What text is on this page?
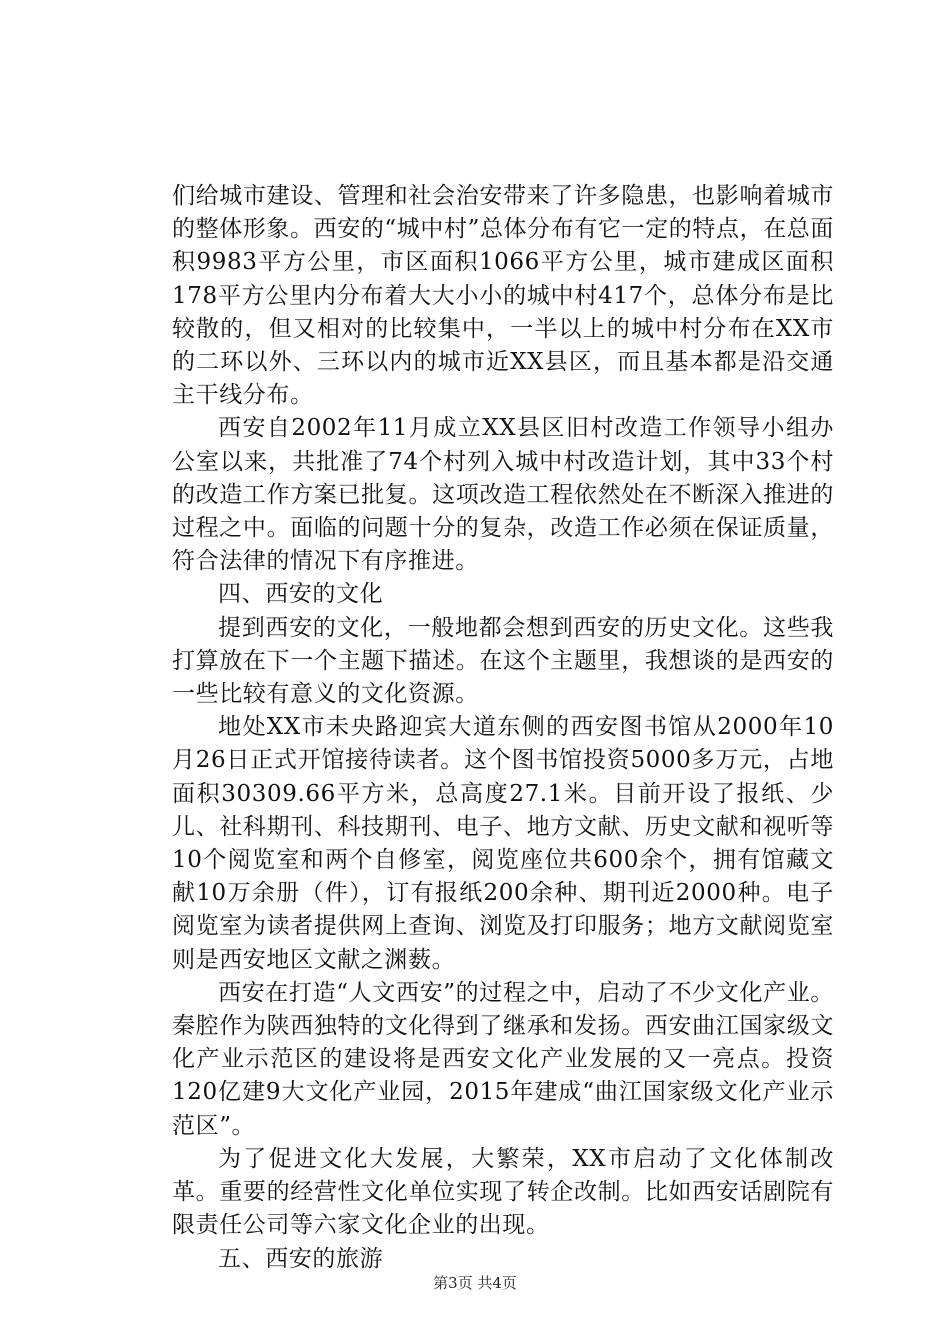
们给城市建设、管理和社会治安带来了许多隐患，也影响着城市的整体形象。西安的“城中村”总体分布有它一定的特点，在总面积9983平方公里，市区面积1066平方公里，城市建成区面积178平方公里内分布着大大小小的城中村417个，总体分布是比较散的，但又相对的比较集中，一半以上的城中村分布在XX市的二环以外、三环以内的城市近XX县区，而且基本都是沿交通主干线分布。

西安自2002年11月成立XX县区旧村改造工作领导小组办公室以来，共批准了74个村列入城中村改造计划，其中33个村的改造工作方案已批复。这项改造工程依然处在不断深入推进的过程之中。面临的问题十分的复杂，改造工作必须在保证质量，符合法律的情况下有序推进。

四、西安的文化

提到西安的文化，一般地都会想到西安的历史文化。这些我打算放在下一个主题下描述。在这个主题里，我想谈的是西安的一些比较有意义的文化资源。

地处XX市未央路迎宾大道东侧的西安图书馆从2000年10月26日正式开馆接待读者。这个图书馆投资5000多万元，占地面积30309.66平方米，总高度27.1米。目前开设了报纸、少儿、社科期刊、科技期刊、电子、地方文献、历史文献和视听等10个阅览室和两个自修室，阅览座位共600余个，拥有馆藏文献10万余册（件），订有报纸200余种、期刊近2000种。电子阅览室为读者提供网上查询、浏览及打印服务；地方文献阅览室则是西安地区文献之渊薮。

西安在打造“人文西安”的过程之中，启动了不少文化产业。秦腔作为陕西独特的文化得到了继承和发扬。西安曲江国家级文化产业示范区的建设将是西安文化产业发展的又一亮点。投资120亿建9大文化产业园，2015年建成“曲江国家级文化产业示范区”。

为了促进文化大发展，大繁荣，XX市启动了文化体制改革。重要的经营性文化单位实现了转企改制。比如西安话剧院有限责任公司等六家文化企业的出现。

五、西安的旅游

第3页 共4页
